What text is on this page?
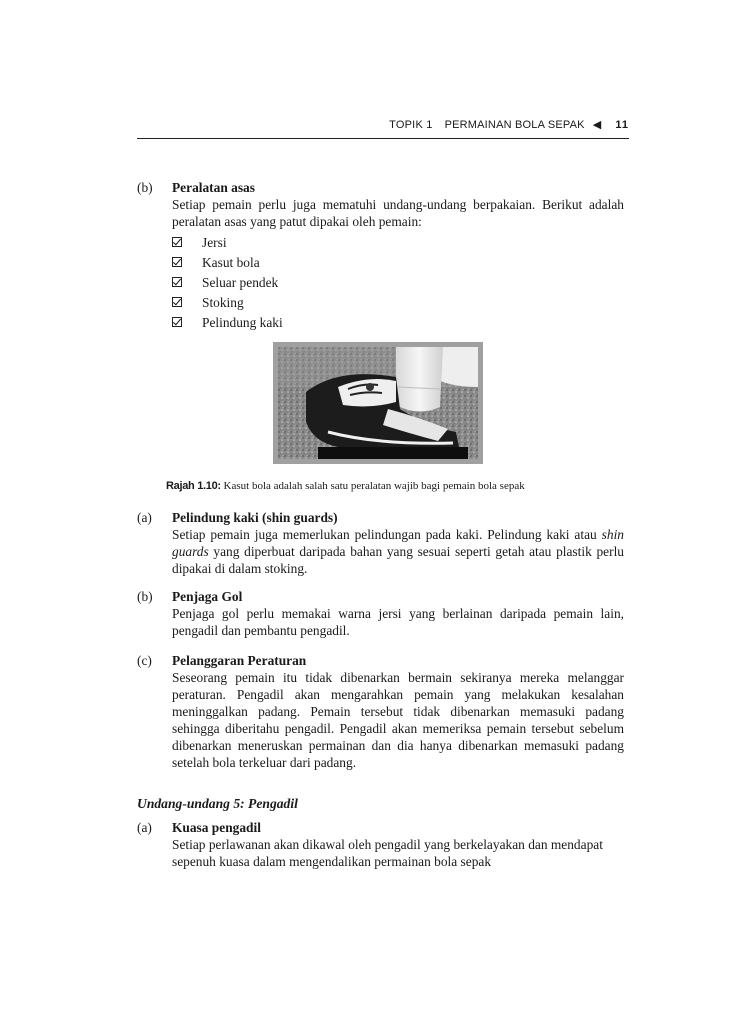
TOPIK 1 PERMAINAN BOLA SEPAK ◀ 11
(b)	Peralatan asas
Setiap pemain perlu juga mematuhi undang-undang berpakaian. Berikut adalah peralatan asas yang patut dipakai oleh pemain:
Jersi
Kasut bola
Seluar pendek
Stoking
Pelindung kaki
Rajah 1.10: Kasut bola adalah salah satu peralatan wajib bagi pemain bola sepak
(a)	Pelindung kaki (shin guards)
Setiap pemain juga memerlukan pelindungan pada kaki. Pelindung kaki atau shin guards yang diperbuat daripada bahan yang sesuai seperti getah atau plastik perlu dipakai di dalam stoking.
(b)	Penjaga Gol
Penjaga gol perlu memakai warna jersi yang berlainan daripada pemain lain, pengadil dan pembantu pengadil.
(c)	Pelanggaran Peraturan
Seseorang pemain itu tidak dibenarkan bermain sekiranya mereka melanggar peraturan. Pengadil akan mengarahkan pemain yang melakukan kesalahan meninggalkan padang. Pemain tersebut tidak dibenarkan memasuki padang sehingga diberitahu pengadil. Pengadil akan memeriksa pemain tersebut sebelum dibenarkan meneruskan permainan dan dia hanya dibenarkan memasuki padang setelah bola terkeluar dari padang.
Undang-undang 5: Pengadil
(a)	Kuasa pengadil
Setiap perlawanan akan dikawal oleh pengadil yang berkelayakan dan mendapat sepenuh kuasa dalam mengendalikan permainan bola sepak
